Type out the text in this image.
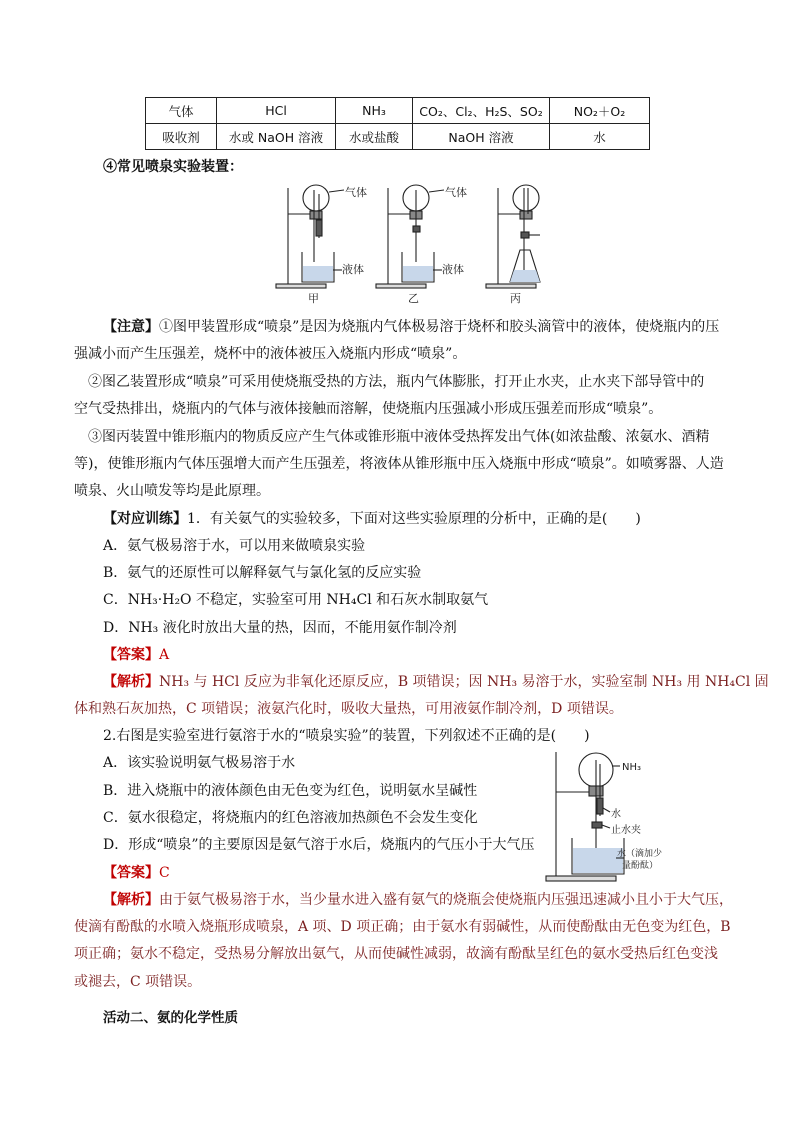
气体	HCl	NH₃	CO₂、Cl₂、H₂S、SO₂	NO₂＋O₂
吸收剂	水或 NaOH 溶液	水或盐酸	NaOH 溶液	水
④常见喷泉实验装置：
气体
液体
气体
液体
甲	乙	丙
【注意】①图甲装置形成“喷泉”是因为烧瓶内气体极易溶于烧杯和胶头滴管中的液体，使烧瓶内的压
强减小而产生压强差，烧杯中的液体被压入烧瓶内形成“喷泉”。
②图乙装置形成“喷泉”可采用使烧瓶受热的方法，瓶内气体膨胀，打开止水夹，止水夹下部导管中的
空气受热排出，烧瓶内的气体与液体接触而溶解，使烧瓶内压强减小形成压强差而形成“喷泉”。
③图丙装置中锥形瓶内的物质反应产生气体或锥形瓶中液体受热挥发出气体(如浓盐酸、浓氨水、酒精
等)，使锥形瓶内气体压强增大而产生压强差，将液体从锥形瓶中压入烧瓶中形成“喷泉”。如喷雾器、人造
喷泉、火山喷发等均是此原理。
【对应训练】1．有关氨气的实验较多，下面对这些实验原理的分析中，正确的是(　　)
A．氨气极易溶于水，可以用来做喷泉实验
B．氨气的还原性可以解释氨气与氯化氢的反应实验
C．NH₃·H₂O 不稳定，实验室可用 NH₄Cl 和石灰水制取氨气
D．NH₃ 液化时放出大量的热，因而，不能用氨作制冷剂
【答案】A
【解析】NH₃ 与 HCl 反应为非氧化还原反应，B 项错误；因 NH₃ 易溶于水，实验室制 NH₃ 用 NH₄Cl 固
体和熟石灰加热，C 项错误；液氨汽化时，吸收大量热，可用液氨作制冷剂，D 项错误。
2.右图是实验室进行氨溶于水的“喷泉实验”的装置，下列叙述不正确的是(　　)
A．该实验说明氨气极易溶于水
B．进入烧瓶中的液体颜色由无色变为红色，说明氨水呈碱性
C．氨水很稳定，将烧瓶内的红色溶液加热颜色不会发生变化
D．形成“喷泉”的主要原因是氨气溶于水后，烧瓶内的气压小于大气压
【答案】C
NH₃
水
止水夹
水（滴加少
量酚酞）
【解析】由于氨气极易溶于水，当少量水进入盛有氨气的烧瓶会使烧瓶内压强迅速减小且小于大气压，
使滴有酚酞的水喷入烧瓶形成喷泉，A 项、D 项正确；由于氨水有弱碱性，从而使酚酞由无色变为红色，B
项正确；氨水不稳定，受热易分解放出氨气，从而使碱性减弱，故滴有酚酞呈红色的氨水受热后红色变浅
或褪去，C 项错误。
活动二、氨的化学性质
